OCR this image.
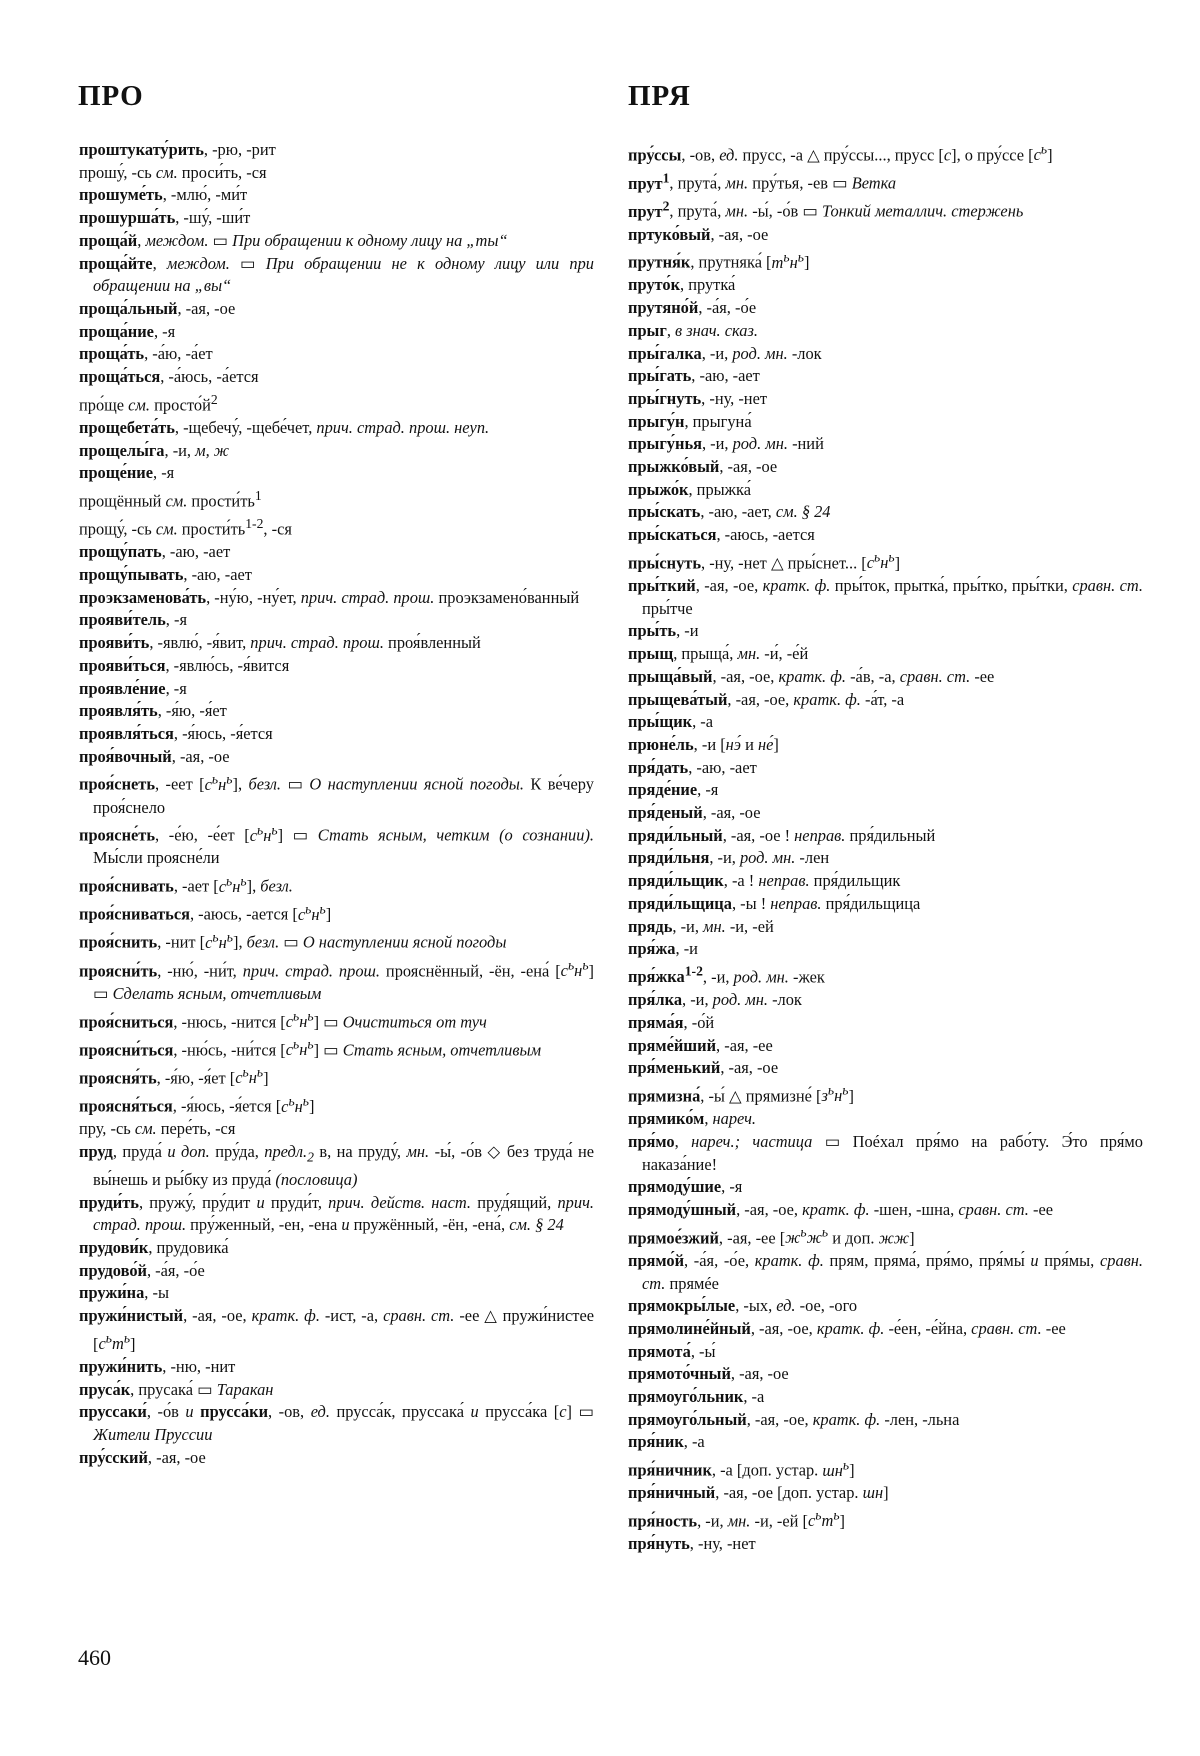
ПРО	ПРЯ
проштукату́рить, -рю, -рит
прошу́, -сь см. проси́ть, -ся
прошуме́ть, -млю́, -ми́т
прошурша́ть, -шу́, -ши́т
проща́й, междом. ▭ При обращении к одному лицу на „ты“
проща́йте, междом. ▭ При обращении не к одному лицу или при обращении на „вы“
проща́льный, -ая, -ое
проща́ние, -я
проща́ть, -а́ю, -а́ет
проща́ться, -а́юсь, -а́ется
про́ще см. $просто́й^2$
прощебета́ть, -щебечу́, -щебе́чет, прич. страд. прош. неуп.
прощелы́га, -и, м, ж
проще́ние, -я
прощённый см. $прости́ть^1$
прощу́, -сь см. $прости́ть^{1-2}$, -ся
прощу́пать, -аю, -ает
прощу́пывать, -аю, -ает
проэкзаменова́ть, -ну́ю, -ну́ет, прич. страд. прош. проэкзамено́ванный
прояви́тель, -я
прояви́ть, -явлю́, -я́вит, прич. страд. прош. проя́вленный
прояви́ться, -явлю́сь, -я́вится
проявле́ние, -я
проявля́ть, -я́ю, -я́ет
проявля́ться, -я́юсь, -я́ется
проя́вочный, -ая, -ое
проя́снеть, -еет $[с^ьн^ь]$, безл. ▭ О наступлении ясной погоды. К ве́черу проя́снело
проясне́ть, -е́ю, -е́ет $[с^ьн^ь]$ ▭ Стать ясным, четким (о сознании). Мы́сли проясне́ли
проя́снивать, -ает $[с^ьн^ь]$, безл.
проя́сниваться, -аюсь, -ается $[с^ьн^ь]$
проя́снить, -нит $[с^ьн^ь]$, безл. ▭ О наступлении ясной погоды
проясни́ть, -ню́, -ни́т, прич. страд. прош. прояснённый, -ён, -ена́ $[с^ьн^ь]$ ▭ Сделать ясным, отчетливым
проя́сниться, -нюсь, -нится $[с^ьн^ь]$ ▭ Очиститься от туч
проясни́ться, -ню́сь, -ни́тся $[с^ьн^ь]$ ▭ Стать ясным, отчетливым
проясня́ть, -я́ю, -я́ет $[с^ьн^ь]$
проясня́ться, -я́юсь, -я́ется $[с^ьн^ь]$
пру, -сь см. пере́ть, -ся
пруд, пруда́ и доп. пру́да, $предл._2$ в, на пруду́, мн. -ы́, -о́в ◇ без труда́ не вы́нешь и ры́бку из пруда́ (пословица)
пруди́ть, пружу́, пру́дит и пруди́т, прич. действ. наст. пруд́ящий, прич. страд. прош. пру́женный, -ен, -ена и пружённый, -ён, -ена́, см. § 24
прудови́к, прудовика́
прудово́й, -а́я, -о́е
пружи́на, -ы
пружи́нистый, -ая, -ое, кратк. ф. -ист, -а, сравн. ст. -ее △ пружи́нистее $[с^ьт^ь]$
пружи́нить, -ню, -нит
пруса́к, прусака́ ▭ Таракан
пруссаки́, -о́в и прусса́ки, -ов, ед. прусса́к, пруссака́ и прусса́ка [с] ▭ Жители Пруссии
пру́сский, -ая, -ое
пру́ссы, -ов, ед. прусс, -а △ пру́ссы..., прусс [с], о пру́ссе $[с^ь]$
прут$^1$, прута́, мн. пру́тья, -ев ▭ Ветка
прут$^2$, прута́, мн. -ы́, -о́в ▭ Тонкий металлич. стержень
пртуко́вый, -ая, -ое
прутня́к, прутняка́ $[т^ьн^ь]$
пруто́к, прутка́
прутяно́й, -а́я, -о́е
прыг, в знач. сказ.
пры́галка, -и, род. мн. -лок
пры́гать, -аю, -ает
пры́гнуть, -ну, -нет
прыгу́н, прыгуна́
прыгу́нья, -и, род. мн. -ний
прыжко́вый, -ая, -ое
прыжо́к, прыжка́
пры́скать, -аю, -ает, см. § 24
пры́скаться, -аюсь, -ается
пры́снуть, -ну, -нет △ пры́снет... $[с^ьн^ь]$
пры́ткий, -ая, -ое, кратк. ф. пры́ток, прытка́, пры́тко, пры́тки, сравн. ст. пры́тче
пры́ть, -и
прыщ, прыща́, мн. -и́, -е́й
прыща́вый, -ая, -ое, кратк. ф. -а́в, -а, сравн. ст. -ее
прыщева́тый, -ая, -ое, кратк. ф. -а́т, -а
пры́щик, -а
прюне́ль, -и [нэ́ и не́]
пря́дать, -аю, -ает
пряде́ние, -я
пря́деный, -ая, -ое
пряди́льный, -ая, -ое ! неправ. пря́дильный
пряди́льня, -и, род. мн. -лен
пряди́льщик, -а ! неправ. пря́дильщик
пряди́льщица, -ы ! неправ. пря́дильщица
прядь, -и, мн. -и, -ей
пря́жа, -и
пря́жка$^{1-2}$, -и, род. мн. -жек
пря́лка, -и, род. мн. -лок
пряма́я, -о́й
пряме́йший, -ая, -ее
пря́менький, -ая, -ое
прямизна́, -ы́ △ прямизне́ $[з^ьн^ь]$
прямико́м, нареч.
пря́мо, нареч.; частица ▭ Поéхал пря́мо на рабо́ту. Э́то пря́мо наказа́ние!
прямоду́шие, -я
прямоду́шный, -ая, -ое, кратк. ф. -шен, -шна, сравн. ст. -ее
прямое́зжий, -ая, -ее [$ж^ьж^ь$ и доп. жж]
прямо́й, -а́я, -о́е, кратк. ф. прям, пряма́, пря́мо, пря́мы́ и пря́мы, сравн. ст. прямéе
прямокры́лые, -ых, ед. -ое, -ого
прямолине́йный, -ая, -ое, кратк. ф. -е́ен, -е́йна, сравн. ст. -ее
прямота́, -ы́
прямото́чный, -ая, -ое
прямоуго́льник, -а
прямоуго́льный, -ая, -ое, кратк. ф. -лен, -льна
пря́ник, -а
пря́ничник, -а [доп. устар. $шн^ь$]
пря́ничный, -ая, -ое [доп. устар. шн]
пря́ность, -и, мн. -и, -ей $[с^ьт^ь]$
пря́нуть, -ну, -нет
460
